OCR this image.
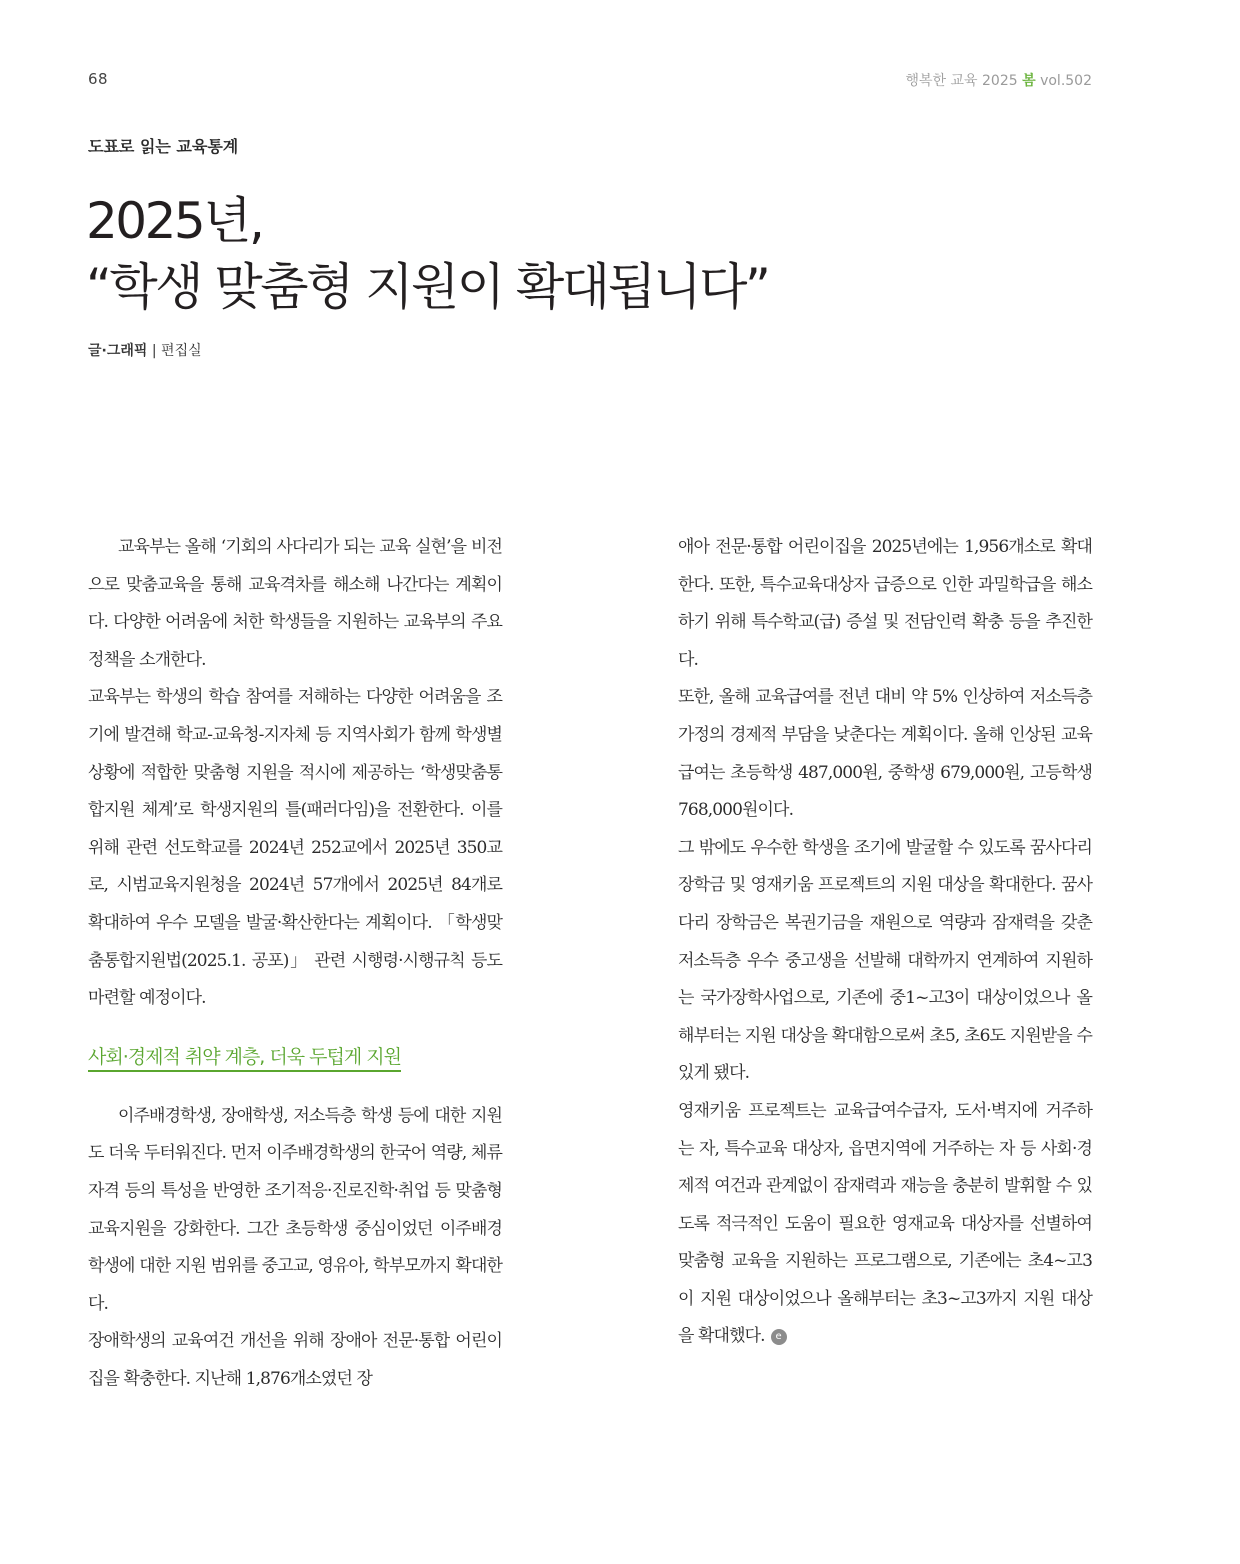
68	행복한 교육 2025 봄 vol.502
도표로 읽는 교육통계
2025년,
“학생 맞춤형 지원이 확대됩니다”
글·그래픽 | 편집실

교육부는 올해 ‘기회의 사다리가 되는 교육 실현’을 비전으로 맞춤교육을 통해 교육격차를 해소해 나간다는 계획이다. 다양한 어려움에 처한 학생들을 지원하는 교육부의 주요 정책을 소개한다.

교육부는 학생의 학습 참여를 저해하는 다양한 어려움을 조기에 발견해 학교-교육청-지자체 등 지역사회가 함께 학생별 상황에 적합한 맞춤형 지원을 적시에 제공하는 ‘학생맞춤통합지원 체계’로 학생지원의 틀(패러다임)을 전환한다. 이를 위해 관련 선도학교를 2024년 252교에서 2025년 350교로, 시범교육지원청을 2024년 57개에서 2025년 84개로 확대하여 우수 모델을 발굴·확산한다는 계획이다. 「학생맞춤통합지원법(2025.1. 공포)」 관련 시행령·시행규칙 등도 마련할 예정이다.

사회·경제적 취약 계층, 더욱 두텁게 지원

이주배경학생, 장애학생, 저소득층 학생 등에 대한 지원도 더욱 두터워진다. 먼저 이주배경학생의 한국어 역량, 체류 자격 등의 특성을 반영한 조기적응·진로진학·취업 등 맞춤형 교육지원을 강화한다. 그간 초등학생 중심이었던 이주배경학생에 대한 지원 범위를 중고교, 영유아, 학부모까지 확대한다.

장애학생의 교육여건 개선을 위해 장애아 전문·통합 어린이집을 확충한다. 지난해 1,876개소였던 장

애아 전문·통합 어린이집을 2025년에는 1,956개소로 확대한다. 또한, 특수교육대상자 급증으로 인한 과밀학급을 해소하기 위해 특수학교(급) 증설 및 전담인력 확충 등을 추진한다.

또한, 올해 교육급여를 전년 대비 약 5% 인상하여 저소득층 가정의 경제적 부담을 낮춘다는 계획이다. 올해 인상된 교육급여는 초등학생 487,000원, 중학생 679,000원, 고등학생 768,000원이다.

그 밖에도 우수한 학생을 조기에 발굴할 수 있도록 꿈사다리 장학금 및 영재키움 프로젝트의 지원 대상을 확대한다. 꿈사다리 장학금은 복권기금을 재원으로 역량과 잠재력을 갖춘 저소득층 우수 중고생을 선발해 대학까지 연계하여 지원하는 국가장학사업으로, 기존에 중1~고3이 대상이었으나 올해부터는 지원 대상을 확대함으로써 초5, 초6도 지원받을 수 있게 됐다.

영재키움 프로젝트는 교육급여수급자, 도서·벽지에 거주하는 자, 특수교육 대상자, 읍면지역에 거주하는 자 등 사회·경제적 여건과 관계없이 잠재력과 재능을 충분히 발휘할 수 있도록 적극적인 도움이 필요한 영재교육 대상자를 선별하여 맞춤형 교육을 지원하는 프로그램으로, 기존에는 초4~고3이 지원 대상이었으나 올해부터는 초3~고3까지 지원 대상을 확대했다. e
